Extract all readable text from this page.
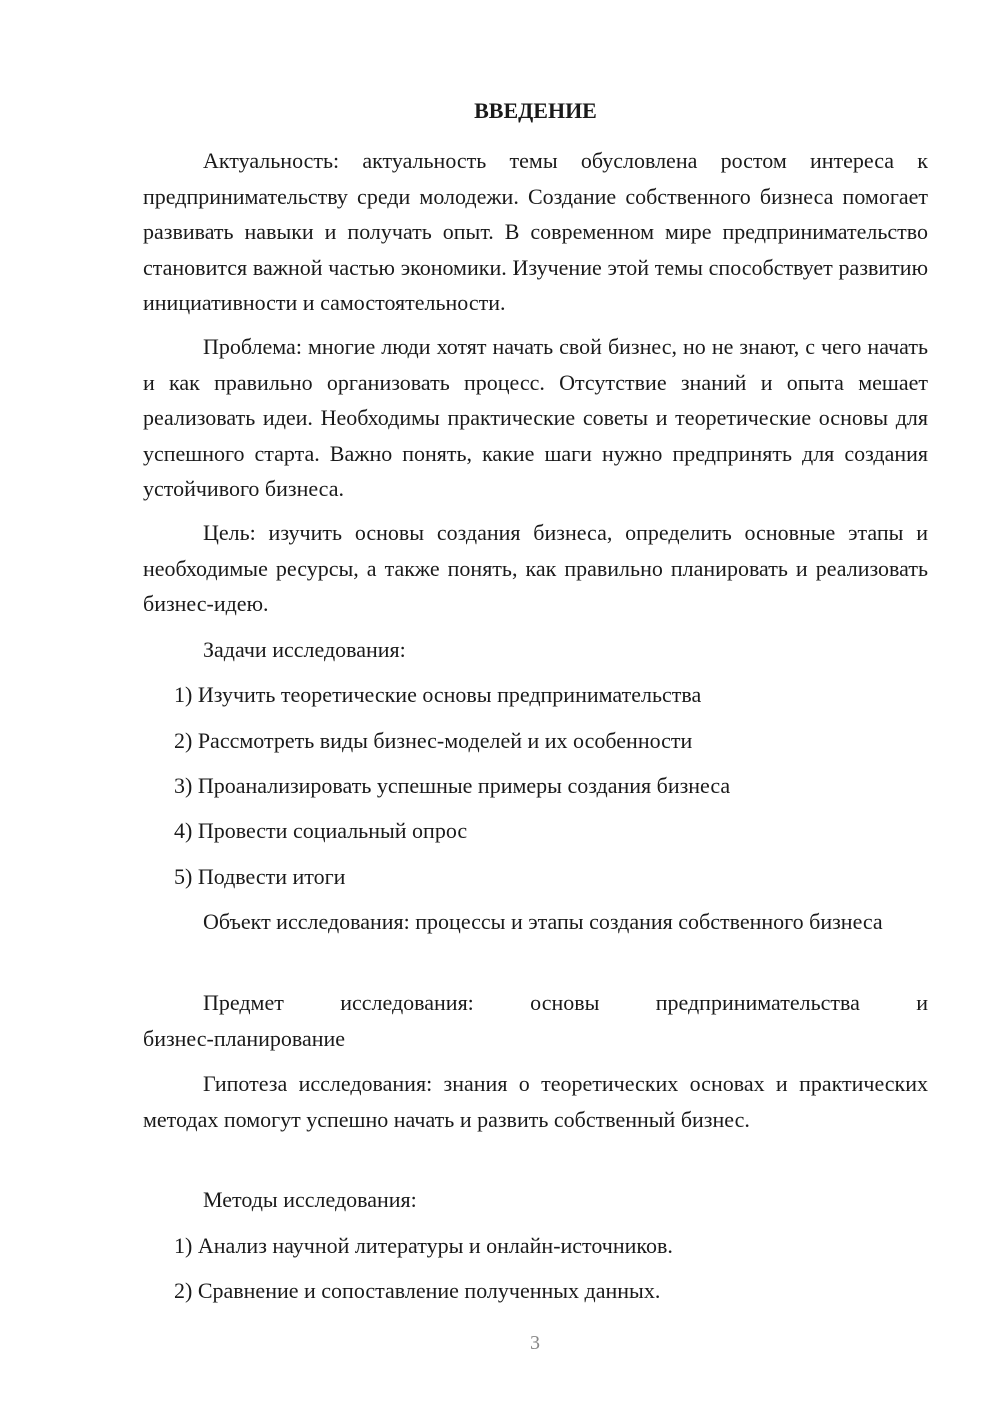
ВВЕДЕНИЕ

Актуальность: актуальность темы обусловлена ростом интереса к предпринимательству среди молодежи. Создание собственного бизнеса помогает развивать навыки и получать опыт. В современном мире предпринимательство становится важной частью экономики. Изучение этой темы способствует развитию инициативности и самостоятельности.

Проблема: многие люди хотят начать свой бизнес, но не знают, с чего начать и как правильно организовать процесс. Отсутствие знаний и опыта мешает реализовать идеи. Необходимы практические советы и теоретические основы для успешного старта. Важно понять, какие шаги нужно предпринять для создания устойчивого бизнеса.

Цель: изучить основы создания бизнеса, определить основные этапы и необходимые ресурсы, а также понять, как правильно планировать и реализовать бизнес-идею.

Задачи исследования:

1) Изучить теоретические основы предпринимательства

2) Рассмотреть виды бизнес-моделей и их особенности

3) Проанализировать успешные примеры создания бизнеса

4) Провести социальный опрос

5) Подвести итоги

Объект исследования: процессы и этапы создания собственного бизнеса

Предмет исследования: основы предпринимательства и бизнес-планирование

Гипотеза исследования: знания о теоретических основах и практических методах помогут успешно начать и развить собственный бизнес.

Методы исследования:

1) Анализ научной литературы и онлайн-источников.

2) Сравнение и сопоставление полученных данных.

3
